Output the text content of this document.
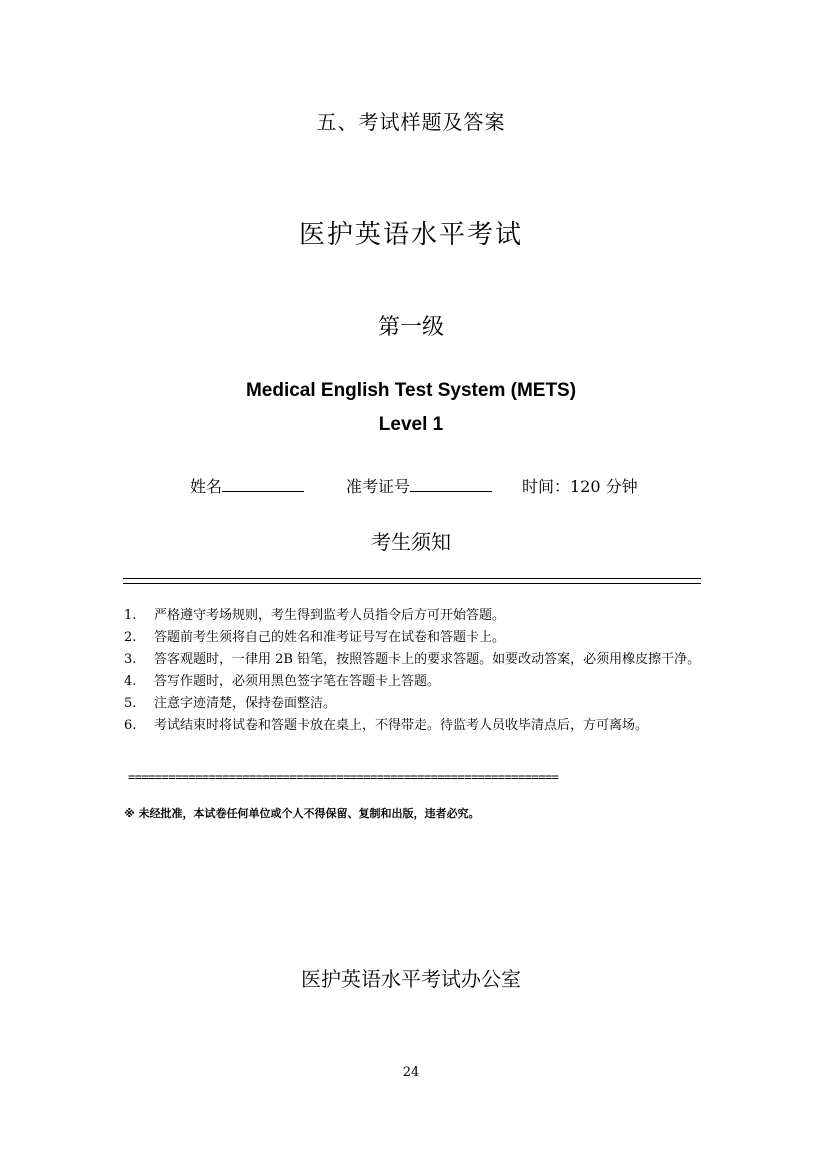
五、考试样题及答案
医护英语水平考试
第一级
Medical English Test System (METS)
Level 1
姓名	准考证号	时间：120 分钟
考生须知
1. 严格遵守考场规则，考生得到监考人员指令后方可开始答题。
2. 答题前考生须将自己的姓名和准考证号写在试卷和答题卡上。
3. 答客观题时，一律用 2B 铅笔，按照答题卡上的要求答题。如要改动答案，必须用橡皮擦干净。
4. 答写作题时，必须用黑色签字笔在答题卡上答题。
5. 注意字迹清楚，保持卷面整洁。
6. 考试结束时将试卷和答题卡放在桌上，不得带走。待监考人员收毕清点后，方可离场。
================================================================
※ 未经批准，本试卷任何单位或个人不得保留、复制和出版，违者必究。
医护英语水平考试办公室
24
